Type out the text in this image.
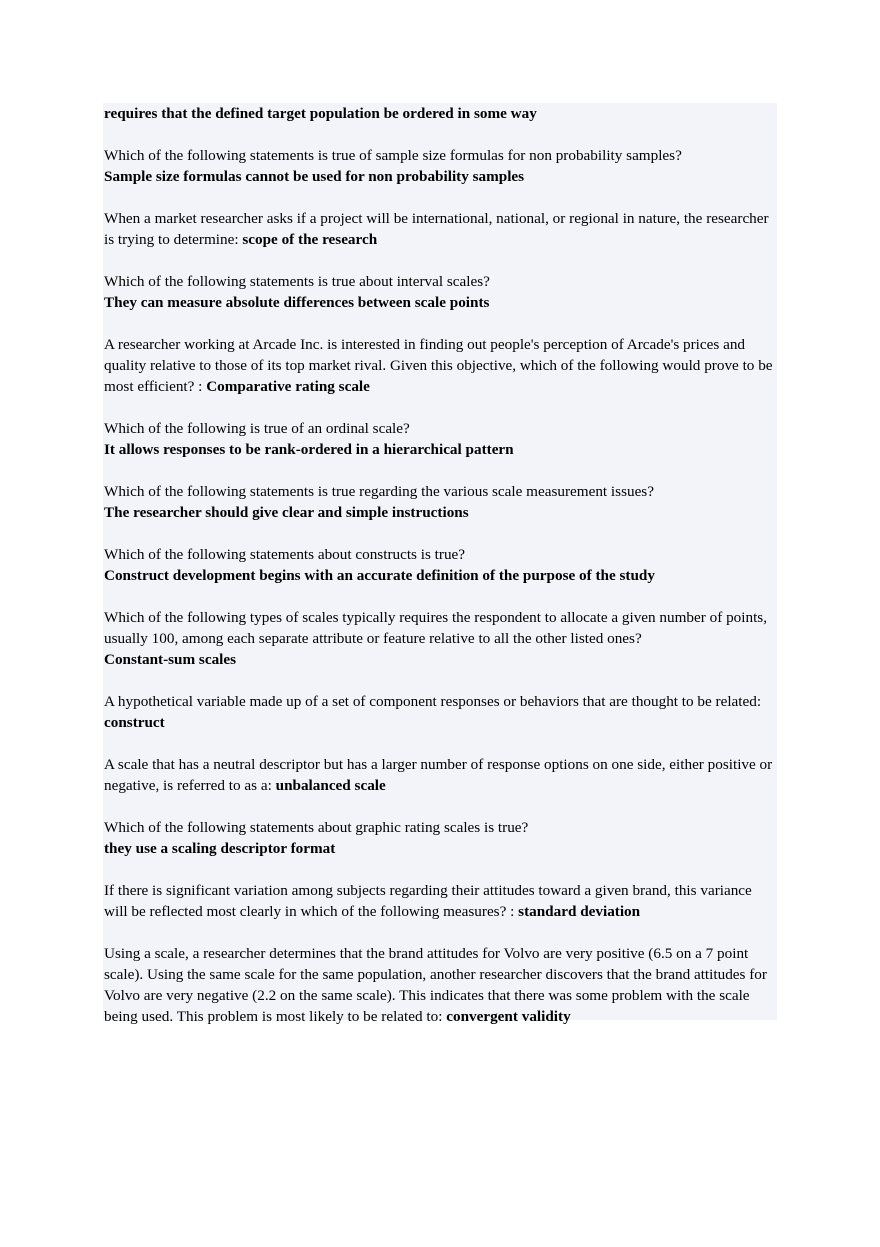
requires that the defined target population be ordered in some way
Which of the following statements is true of sample size formulas for non probability samples?
Sample size formulas cannot be used for non probability samples
When a market researcher asks if a project will be international, national, or regional in nature, the researcher is trying to determine: scope of the research
Which of the following statements is true about interval scales?
They can measure absolute differences between scale points
A researcher working at Arcade Inc. is interested in finding out people's perception of Arcade's prices and quality relative to those of its top market rival. Given this objective, which of the following would prove to be most efficient? : Comparative rating scale
Which of the following is true of an ordinal scale?
It allows responses to be rank-ordered in a hierarchical pattern
Which of the following statements is true regarding the various scale measurement issues?
The researcher should give clear and simple instructions
Which of the following statements about constructs is true?
Construct development begins with an accurate definition of the purpose of the study
Which of the following types of scales typically requires the respondent to allocate a given number of points, usually 100, among each separate attribute or feature relative to all the other listed ones?
Constant-sum scales
A hypothetical variable made up of a set of component responses or behaviors that are thought to be related: construct
A scale that has a neutral descriptor but has a larger number of response options on one side, either positive or negative, is referred to as a: unbalanced scale
Which of the following statements about graphic rating scales is true?
they use a scaling descriptor format
If there is significant variation among subjects regarding their attitudes toward a given brand, this variance will be reflected most clearly in which of the following measures? : standard deviation
Using a scale, a researcher determines that the brand attitudes for Volvo are very positive (6.5 on a 7 point scale). Using the same scale for the same population, another researcher discovers that the brand attitudes for Volvo are very negative (2.2 on the same scale). This indicates that there was some problem with the scale being used. This problem is most likely to be related to: convergent validity
